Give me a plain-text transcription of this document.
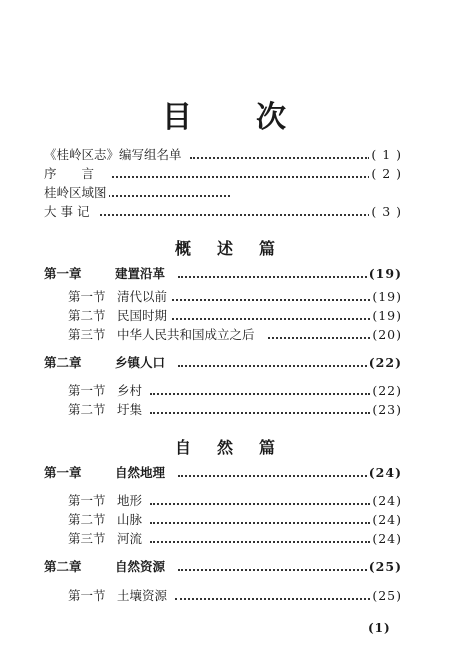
目 次
《桂岭区志》编写组名单	( 1 )
序　　言	( 2 )
桂岭区域图
大 事 记	( 3 )
概述篇
第一章	建置沿革	(19)
第一节 清代以前	(19)
第二节 民国时期	(19)
第三节 中华人民共和国成立之后	(20)
第二章	乡镇人口	(22)
第一节 乡村	(22)
第二节 圩集	(23)
自然篇
第一章	自然地理	(24)
第一节 地形	(24)
第二节 山脉	(24)
第三节 河流	(24)
第二章	自然资源	(25)
第一节 土壤资源	(25)
(1)
